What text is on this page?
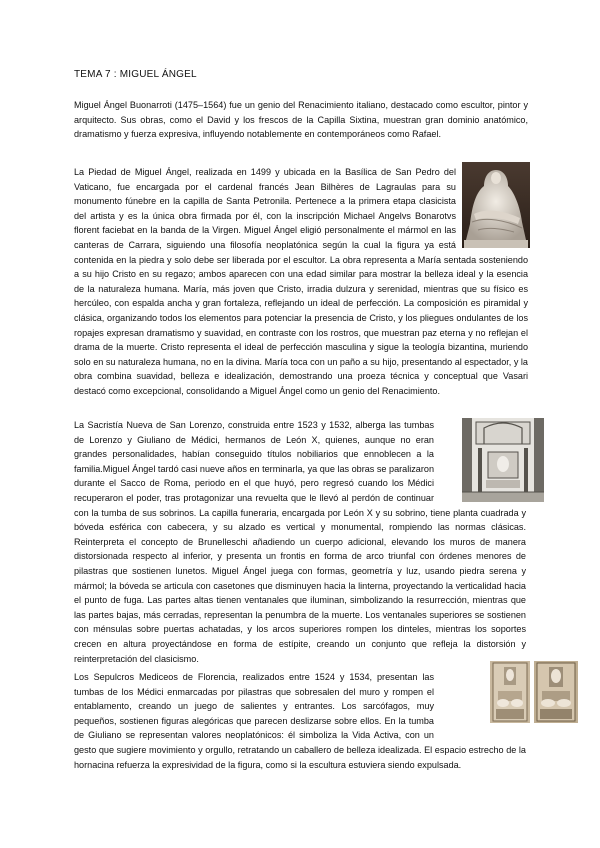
TEMA 7 : MIGUEL ÁNGEL

Miguel Ángel Buonarroti (1475–1564) fue un genio del Renacimiento italiano, destacado como escultor, pintor y arquitecto. Sus obras, como el David y los frescos de la Capilla Sixtina, muestran gran dominio anatómico, dramatismo y fuerza expresiva, influyendo notablemente en contemporáneos como Rafael.

La Piedad de Miguel Ángel, realizada en 1499 y ubicada en la Basílica de San Pedro del Vaticano, fue encargada por el cardenal francés Jean Bilhères de Lagraulas para su monumento fúnebre en la capilla de Santa Petronila. Pertenece a la primera etapa clasicista del artista y es la única obra firmada por él, con la inscripción Michael Angelvs Bonarotvs florent faciebat en la banda de la Virgen. Miguel Ángel eligió personalmente el mármol en las canteras de Carrara, siguiendo una filosofía neoplatónica según la cual la figura ya está contenida en la piedra y solo debe ser liberada por el escultor. La obra representa a María sentada sosteniendo a su hijo Cristo en su regazo; ambos aparecen con una edad similar para mostrar la belleza ideal y la esencia de la naturaleza humana. María, más joven que Cristo, irradia dulzura y serenidad, mientras que su físico es hercúleo, con espalda ancha y gran fortaleza, reflejando un ideal de perfección. La composición es piramidal y clásica, organizando todos los elementos para potenciar la presencia de Cristo, y los pliegues ondulantes de los ropajes expresan dramatismo y suavidad, en contraste con los rostros, que muestran paz eterna y no reflejan el drama de la muerte. Cristo representa el ideal de perfección masculina y sigue la teología bizantina, muriendo solo en su naturaleza humana, no en la divina. María toca con un paño a su hijo, presentando al espectador, y la obra combina suavidad, belleza e idealización, demostrando una proeza técnica y conceptual que Vasari destacó como excepcional, consolidando a Miguel Ángel como un genio del Renacimiento.
La Sacristía Nueva de San Lorenzo, construida entre 1523 y 1532, alberga las tumbas de Lorenzo y Giuliano de Médici, hermanos de León X, quienes, aunque no eran grandes personalidades, habían conseguido títulos nobiliarios que ennoblecen a la familia.Miguel Ángel tardó casi nueve años en terminarla, ya que las obras se paralizaron durante el Sacco de Roma, periodo en el que huyó, pero regresó cuando los Médici recuperaron el poder, tras protagonizar una revuelta que le llevó al perdón de continuar con la tumba de sus sobrinos. La capilla funeraria, encargada por León X y su sobrino, tiene planta cuadrada y bóveda esférica con cabecera, y su alzado es vertical y monumental, rompiendo las normas clásicas. Reinterpreta el concepto de Brunelleschi añadiendo un cuerpo adicional, elevando los muros de manera distorsionada respecto al inferior, y presenta un frontis en forma de arco triunfal con órdenes menores de pilastras que sostienen lunetos. Miguel Ángel juega con formas, geometría y luz, usando piedra serena y mármol; la bóveda se articula con casetones que disminuyen hacia la linterna, proyectando la verticalidad hacia el punto de fuga. Las partes altas tienen ventanales que iluminan, simbolizando la resurrección, mientras que las partes bajas, más cerradas, representan la penumbra de la muerte. Los ventanales superiores se sostienen con ménsulas sobre puertas achatadas, y los arcos superiores rompen los dinteles, mientras los soportes crecen en altura proyectándose en forma de estípite, creando un conjunto que refleja la distorsión y reinterpretación del clasicismo.
Los Sepulcros Mediceos de Florencia, realizados entre 1524 y 1534, presentan las tumbas de los Médici enmarcadas por pilastras que sobresalen del muro y rompen el entablamento, creando un juego de salientes y entrantes. Los sarcófagos, muy pequeños, sostienen figuras alegóricas que parecen deslizarse sobre ellos. En la tumba de Giuliano se representan valores neoplatónicos: él simboliza la Vida Activa, con un gesto que sugiere movimiento y orgullo, retratando un caballero de belleza idealizada. El espacio estrecho de la hornacina refuerza la expresividad de la figura, como si la escultura estuviera siendo expulsada.
